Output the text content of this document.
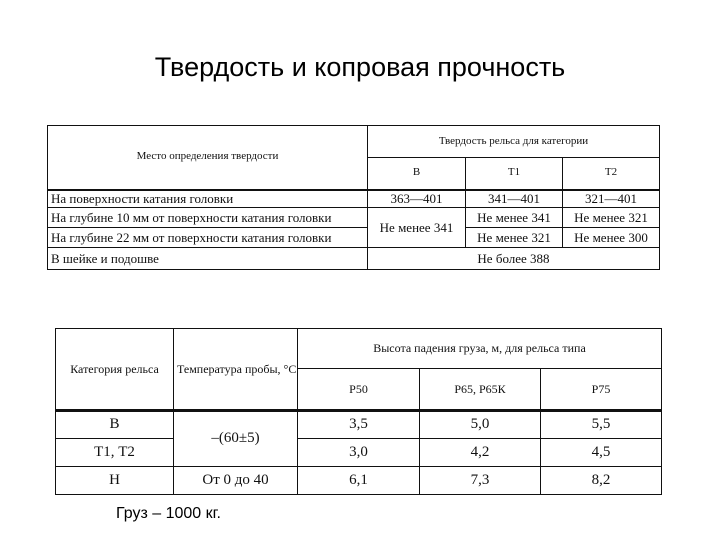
Твердость и копровая прочность
Место определения твердости	Твердость рельса для категории		
	В	Т1	Т2
На поверхности катания головки	363—401	341—401	321—401
На глубине 10 мм от поверхности катания головки	Не менее 341	Не менее 341	Не менее 321
На глубине 22 мм от поверхности катания головки		Не менее 321	Не менее 300
В шейке и подошве	Не более 388		
Категория рельса	Температура пробы, °С	Высота падения груза, м, для рельса типа		
		Р50	Р65, Р65К	Р75
В	–(60±5)	3,5	5,0	5,5
Т1, Т2		3,0	4,2	4,5
Н	От 0 до 40	6,1	7,3	8,2
Груз – 1000 кг.
